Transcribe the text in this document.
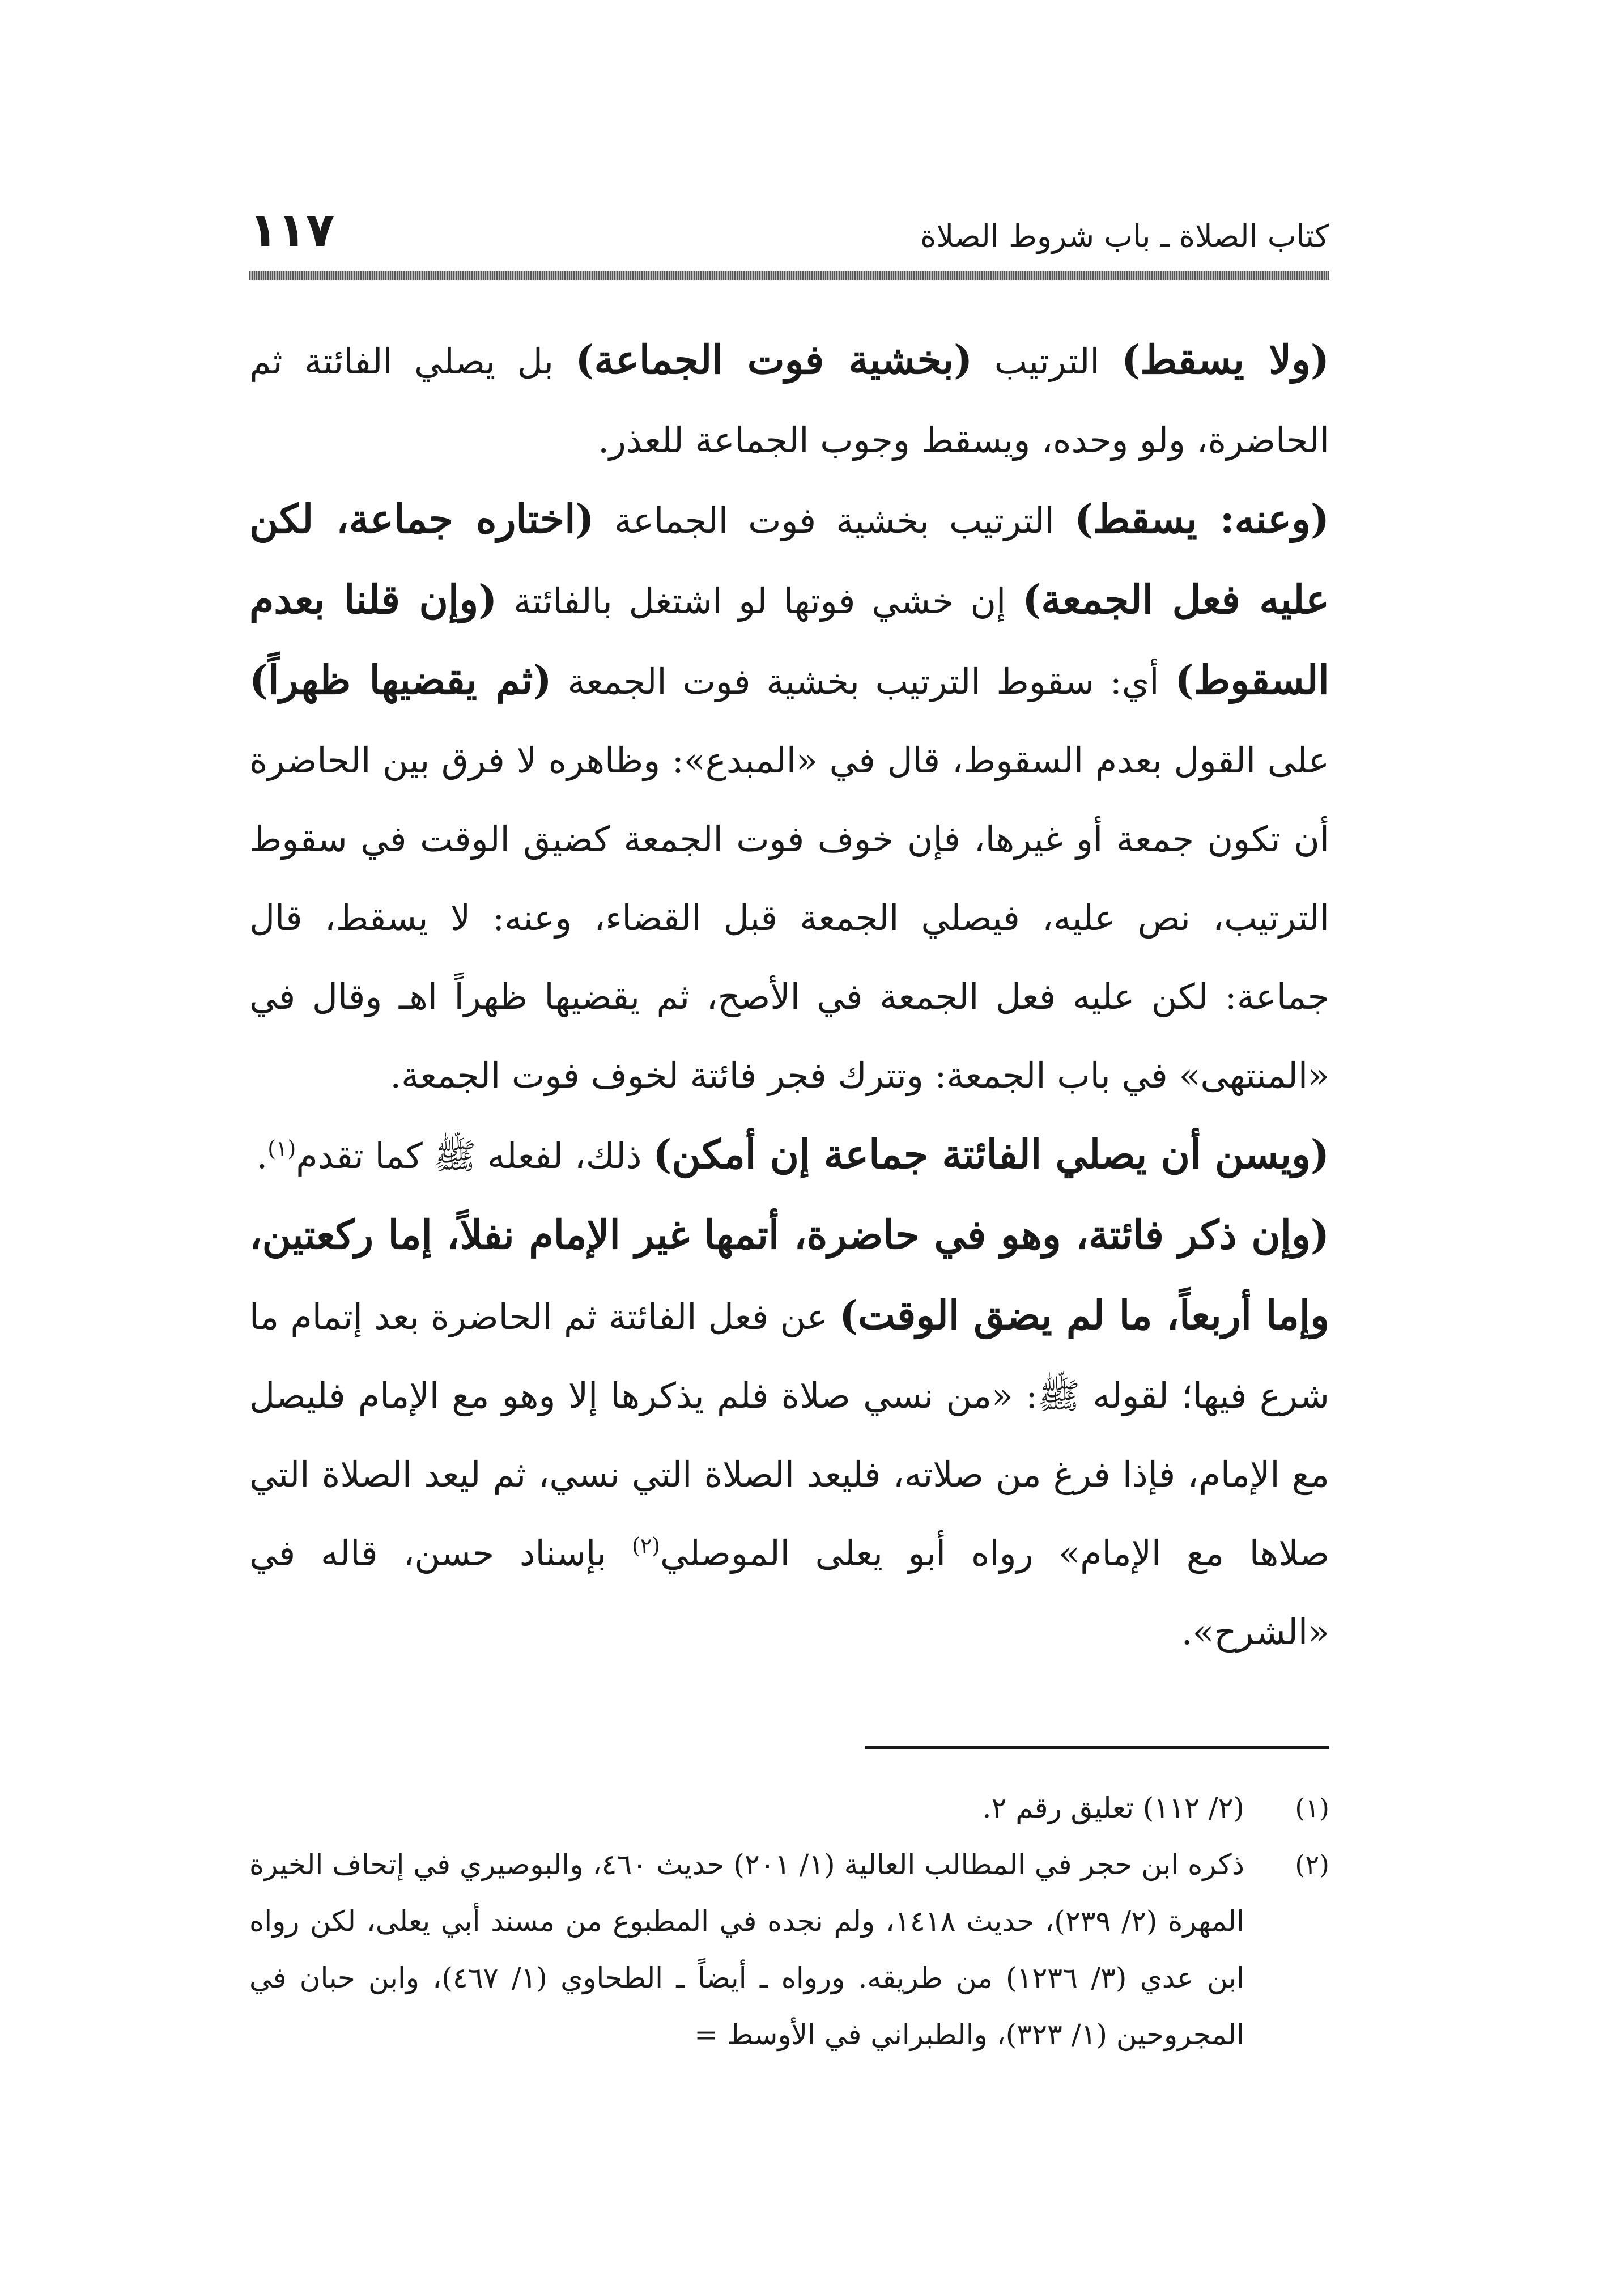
كتاب الصلاة ـ باب شروط الصلاة
١١٧

(ولا يسقط) الترتيب (بخشية فوت الجماعة) بل يصلي الفائتة ثم الحاضرة، ولو وحده، ويسقط وجوب الجماعة للعذر.

(وعنه: يسقط) الترتيب بخشية فوت الجماعة (اختاره جماعة، لكن عليه فعل الجمعة) إن خشي فوتها لو اشتغل بالفائتة (وإن قلنا بعدم السقوط) أي: سقوط الترتيب بخشية فوت الجمعة (ثم يقضيها ظهراً) على القول بعدم السقوط، قال في «المبدع»: وظاهره لا فرق بين الحاضرة أن تكون جمعة أو غيرها، فإن خوف فوت الجمعة كضيق الوقت في سقوط الترتيب، نص عليه، فيصلي الجمعة قبل القضاء، وعنه: لا يسقط، قال جماعة: لكن عليه فعل الجمعة في الأصح، ثم يقضيها ظهراً اهـ وقال في «المنتهى» في باب الجمعة: وتترك فجر فائتة لخوف فوت الجمعة.

(ويسن أن يصلي الفائتة جماعة إن أمكن) ذلك، لفعله ﷺ كما تقدم$^{(١)}$.

(وإن ذكر فائتة، وهو في حاضرة، أتمها غير الإمام نفلاً، إما ركعتين، وإما أربعاً، ما لم يضق الوقت) عن فعل الفائتة ثم الحاضرة بعد إتمام ما شرع فيها؛ لقوله ﷺ: «من نسي صلاة فلم يذكرها إلا وهو مع الإمام فليصل مع الإمام، فإذا فرغ من صلاته، فليعد الصلاة التي نسي، ثم ليعد الصلاة التي صلاها مع الإمام» رواه أبو يعلى الموصلي$^{(٢)}$ بإسناد حسن، قاله في «الشرح».

(١)
(٢/ ١١٢) تعليق رقم ٢.
(٢)
ذكره ابن حجر في المطالب العالية (١/ ٢٠١) حديث ٤٦٠، والبوصيري في إتحاف الخيرة المهرة (٢/ ٢٣٩)، حديث ١٤١٨، ولم نجده في المطبوع من مسند أبي يعلى، لكن رواه ابن عدي (٣/ ١٢٣٦) من طريقه. ورواه ـ أيضاً ـ الطحاوي (١/ ٤٦٧)، وابن حبان في المجروحين (١/ ٣٢٣)، والطبراني في الأوسط =
